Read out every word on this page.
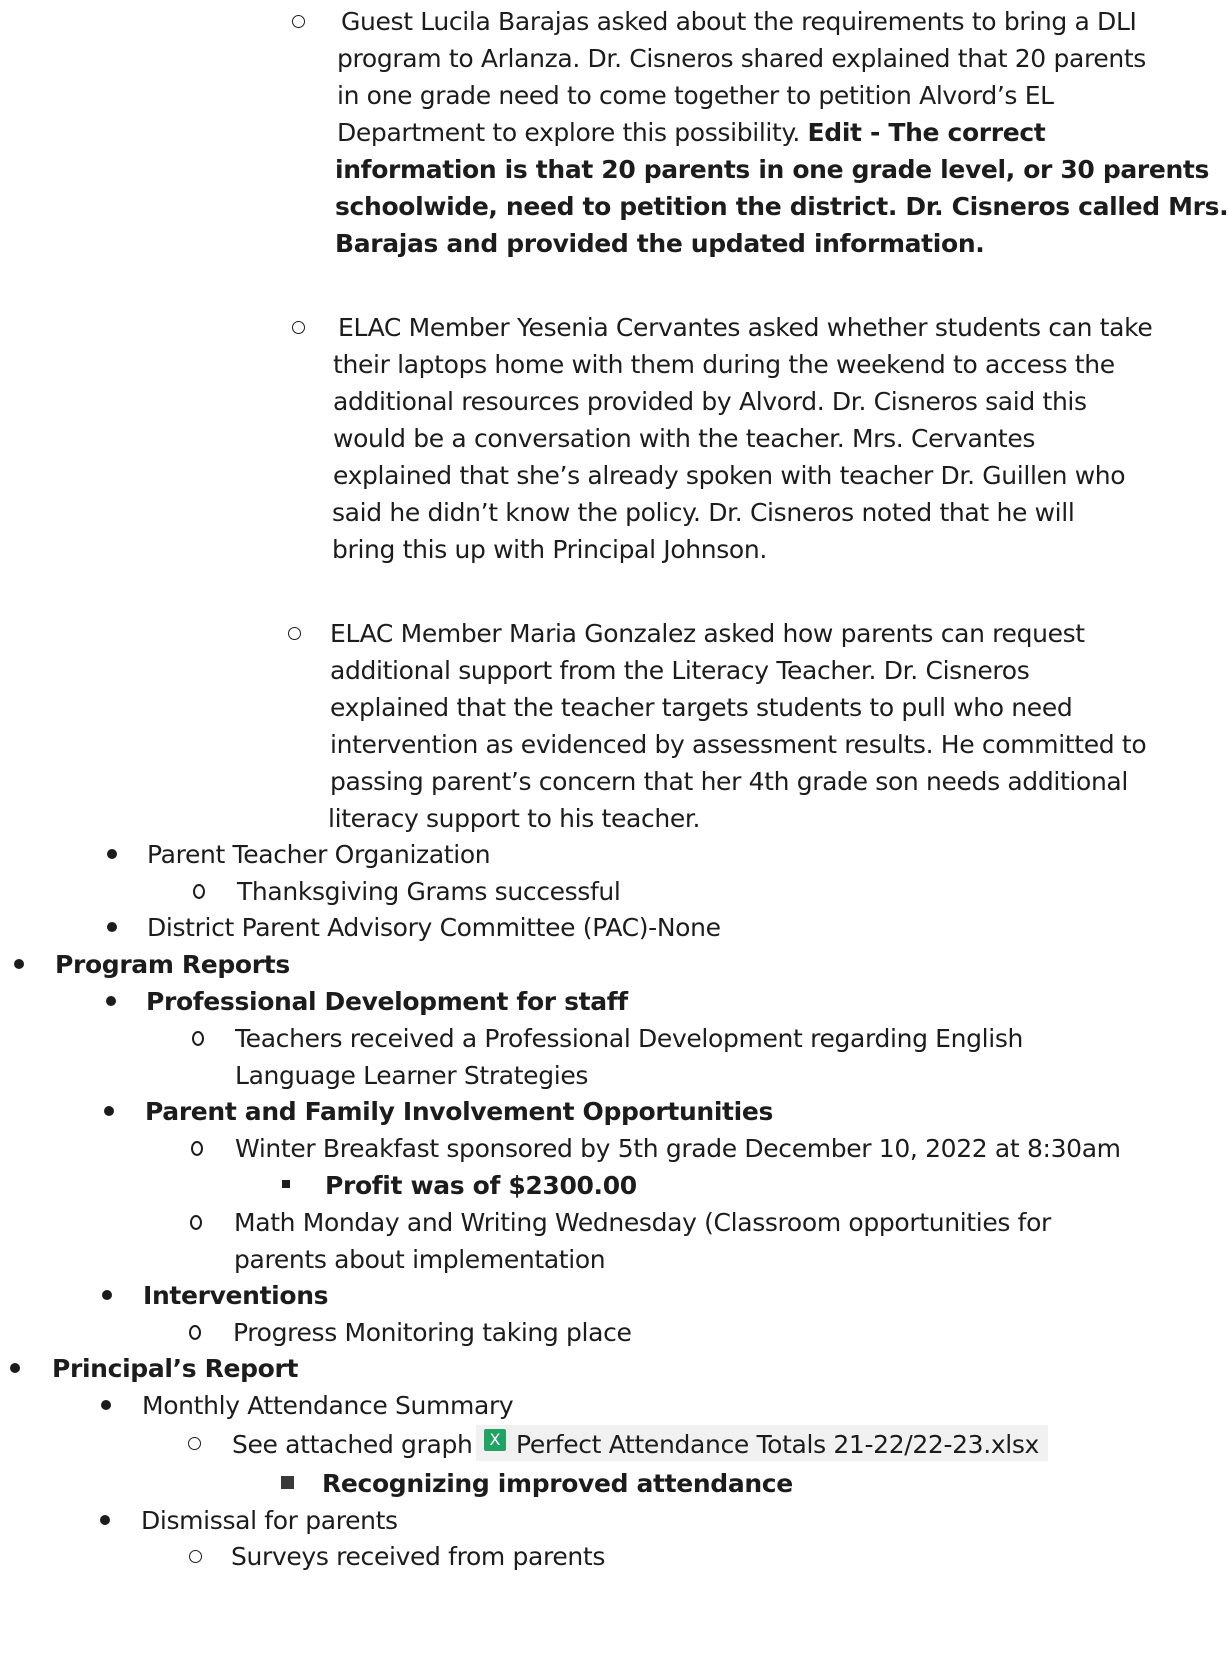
Guest Lucila Barajas asked about the requirements to bring a DLI
program to Arlanza. Dr. Cisneros shared explained that 20 parents
in one grade need to come together to petition Alvord’s EL
Department to explore this possibility. Edit - The correct
information is that 20 parents in one grade level, or 30 parents
schoolwide, need to petition the district. Dr. Cisneros called Mrs.
Barajas and provided the updated information.
ELAC Member Yesenia Cervantes asked whether students can take
their laptops home with them during the weekend to access the
additional resources provided by Alvord. Dr. Cisneros said this
would be a conversation with the teacher. Mrs. Cervantes
explained that she’s already spoken with teacher Dr. Guillen who
said he didn’t know the policy. Dr. Cisneros noted that he will
bring this up with Principal Johnson.
ELAC Member Maria Gonzalez asked how parents can request
additional support from the Literacy Teacher. Dr. Cisneros
explained that the teacher targets students to pull who need
intervention as evidenced by assessment results. He committed to
passing parent’s concern that her 4th grade son needs additional
literacy support to his teacher.
Parent Teacher Organization
Thanksgiving Grams successful
District Parent Advisory Committee (PAC)-None
Program Reports
Professional Development for staff
Teachers received a Professional Development regarding English
Language Learner Strategies
Parent and Family Involvement Opportunities
Winter Breakfast sponsored by 5th grade December 10, 2022 at 8:30am
Profit was of $2300.00
Math Monday and Writing Wednesday (Classroom opportunities for
parents about implementation
Interventions
Progress Monitoring taking place
Principal’s Report
Monthly Attendance Summary
See attached graph	X Perfect Attendance Totals 21-22/22-23.xlsx
Recognizing improved attendance
Dismissal for parents
Surveys received from parents
